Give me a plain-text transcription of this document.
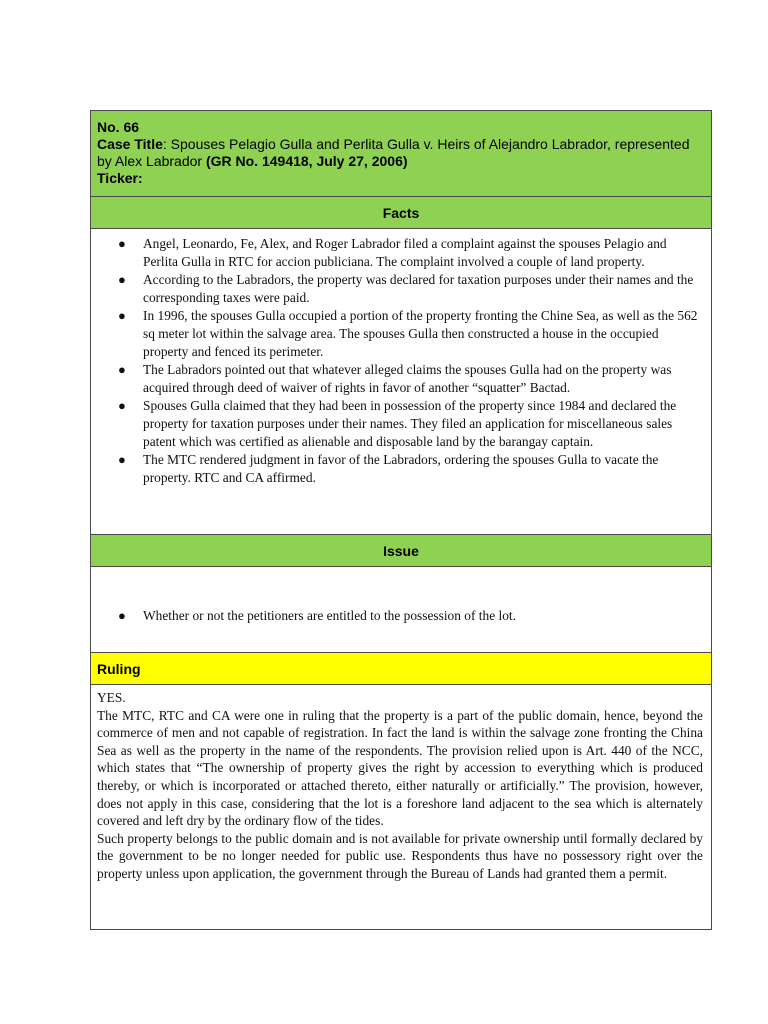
No. 66
Case Title: Spouses Pelagio Gulla and Perlita Gulla v. Heirs of Alejandro Labrador, represented by Alex Labrador (GR No. 149418, July 27, 2006)
Ticker:
Facts
● Angel, Leonardo, Fe, Alex, and Roger Labrador filed a complaint against the spouses Pelagio and Perlita Gulla in RTC for accion publiciana. The complaint involved a couple of land property.
● According to the Labradors, the property was declared for taxation purposes under their names and the corresponding taxes were paid.
● In 1996, the spouses Gulla occupied a portion of the property fronting the Chine Sea, as well as the 562 sq meter lot within the salvage area. The spouses Gulla then constructed a house in the occupied property and fenced its perimeter.
● The Labradors pointed out that whatever alleged claims the spouses Gulla had on the property was acquired through deed of waiver of rights in favor of another “squatter” Bactad.
● Spouses Gulla claimed that they had been in possession of the property since 1984 and declared the property for taxation purposes under their names. They filed an application for miscellaneous sales patent which was certified as alienable and disposable land by the barangay captain.
● The MTC rendered judgment in favor of the Labradors, ordering the spouses Gulla to vacate the property. RTC and CA affirmed.
Issue
● Whether or not the petitioners are entitled to the possession of the lot.
Ruling

YES.

The MTC, RTC and CA were one in ruling that the property is a part of the public domain, hence, beyond the commerce of men and not capable of registration. In fact the land is within the salvage zone fronting the China Sea as well as the property in the name of the respondents. The provision relied upon is Art. 440 of the NCC, which states that “The ownership of property gives the right by accession to everything which is produced thereby, or which is incorporated or attached thereto, either naturally or artificially.” The provision, however, does not apply in this case, considering that the lot is a foreshore land adjacent to the sea which is alternately covered and left dry by the ordinary flow of the tides.

Such property belongs to the public domain and is not available for private ownership until formally declared by the government to be no longer needed for public use. Respondents thus have no possessory right over the property unless upon application, the government through the Bureau of Lands had granted them a permit.
